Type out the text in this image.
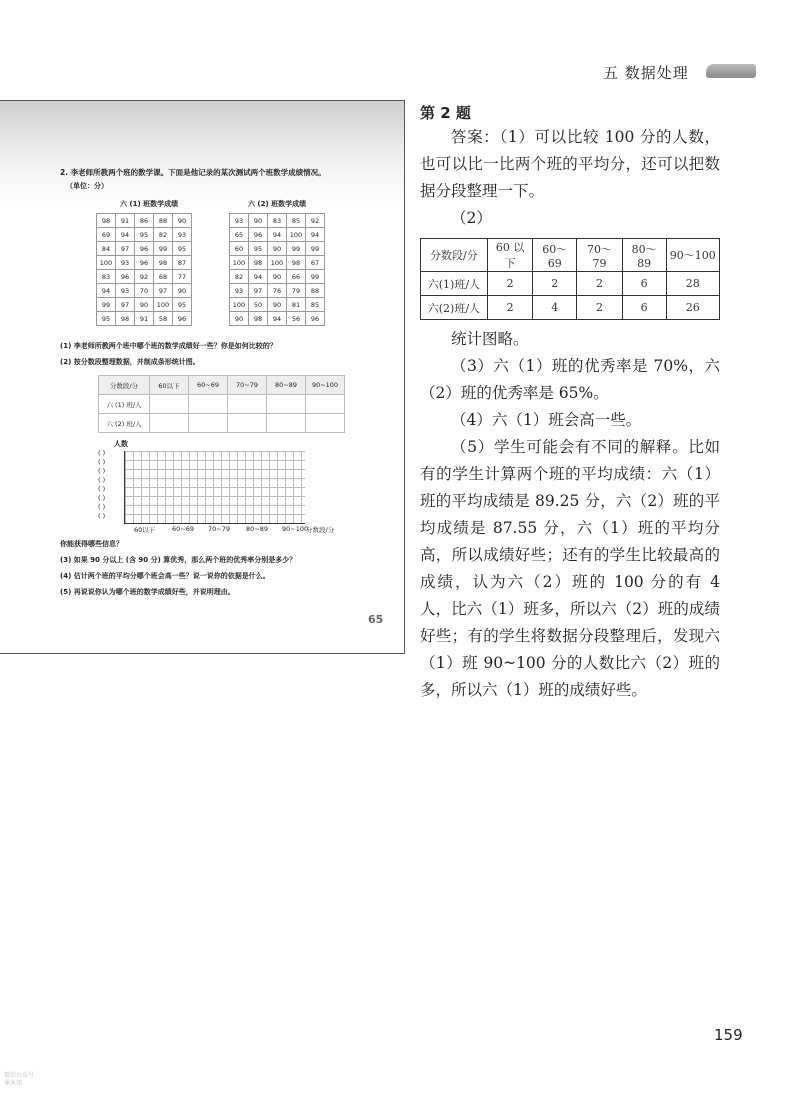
五 数据处理
2. 李老师所教两个班的数学课。下面是他记录的某次测试两个班数学成绩情况。
（单位：分）
六 (1) 班数学成绩	六 (2) 班数学成绩
98	91	86	88	90
69	94	95	82	93
84	97	96	99	95
100	93	96	98	87
83	96	92	68	77
94	93	70	97	90
99	97	90	100	95
95	98	91	58	96
93	90	83	85	92
65	96	94	100	94
60	95	90	99	99
100	98	100	98	67
82	94	90	66	99
93	97	76	79	88
100	50	90	81	85
90	98	94	56	96
(1) 李老师所教两个班中哪个班的数学成绩好一些？你是如何比较的？
(2) 按分数段整理数据，并制成条形统计图。
分数段/分	60以下	60~69	70~79	80~89	90~100
六 (1) 班/人					
六 (2) 班/人					
人数
( )
( )
( )
( )
( )
( )
( )
( )
60以下	60~69 70~79 80~89 90~100
分数段/分
你能获得哪些信息？
(3) 如果 90 分以上 (含 90 分) 算优秀，那么两个班的优秀率分别是多少？
(4) 估计两个班的平均分哪个班会高一些？说一说你的依据是什么。
(5) 再说说你认为哪个班的数学成绩好些，并说明理由。
65

第 2 题

答案：（1）可以比较 100 分的人数，也可以比一比两个班的平均分，还可以把数据分段整理一下。

（2）

分数段/分	60 以下	60～69	70～79	80～89	90～100
六(1)班/人	2	2	2	6	28
六(2)班/人	2	4	2	6	26

统计图略。

（3）六（1）班的优秀率是 70%，六（2）班的优秀率是 65%。

（4）六（1）班会高一些。

（5）学生可能会有不同的解释。比如有的学生计算两个班的平均成绩：六（1）班的平均成绩是 89.25 分，六（2）班的平均成绩是 87.55 分，六（1）班的平均分高，所以成绩好些；还有的学生比较最高的成绩，认为六（2）班的 100 分的有 4 人，比六（1）班多，所以六（2）班的成绩好些；有的学生将数据分段整理后，发现六（1）班 90~100 分的人数比六（2）班的多，所以六（1）班的成绩好些。

159
微信公众号
课本邦
